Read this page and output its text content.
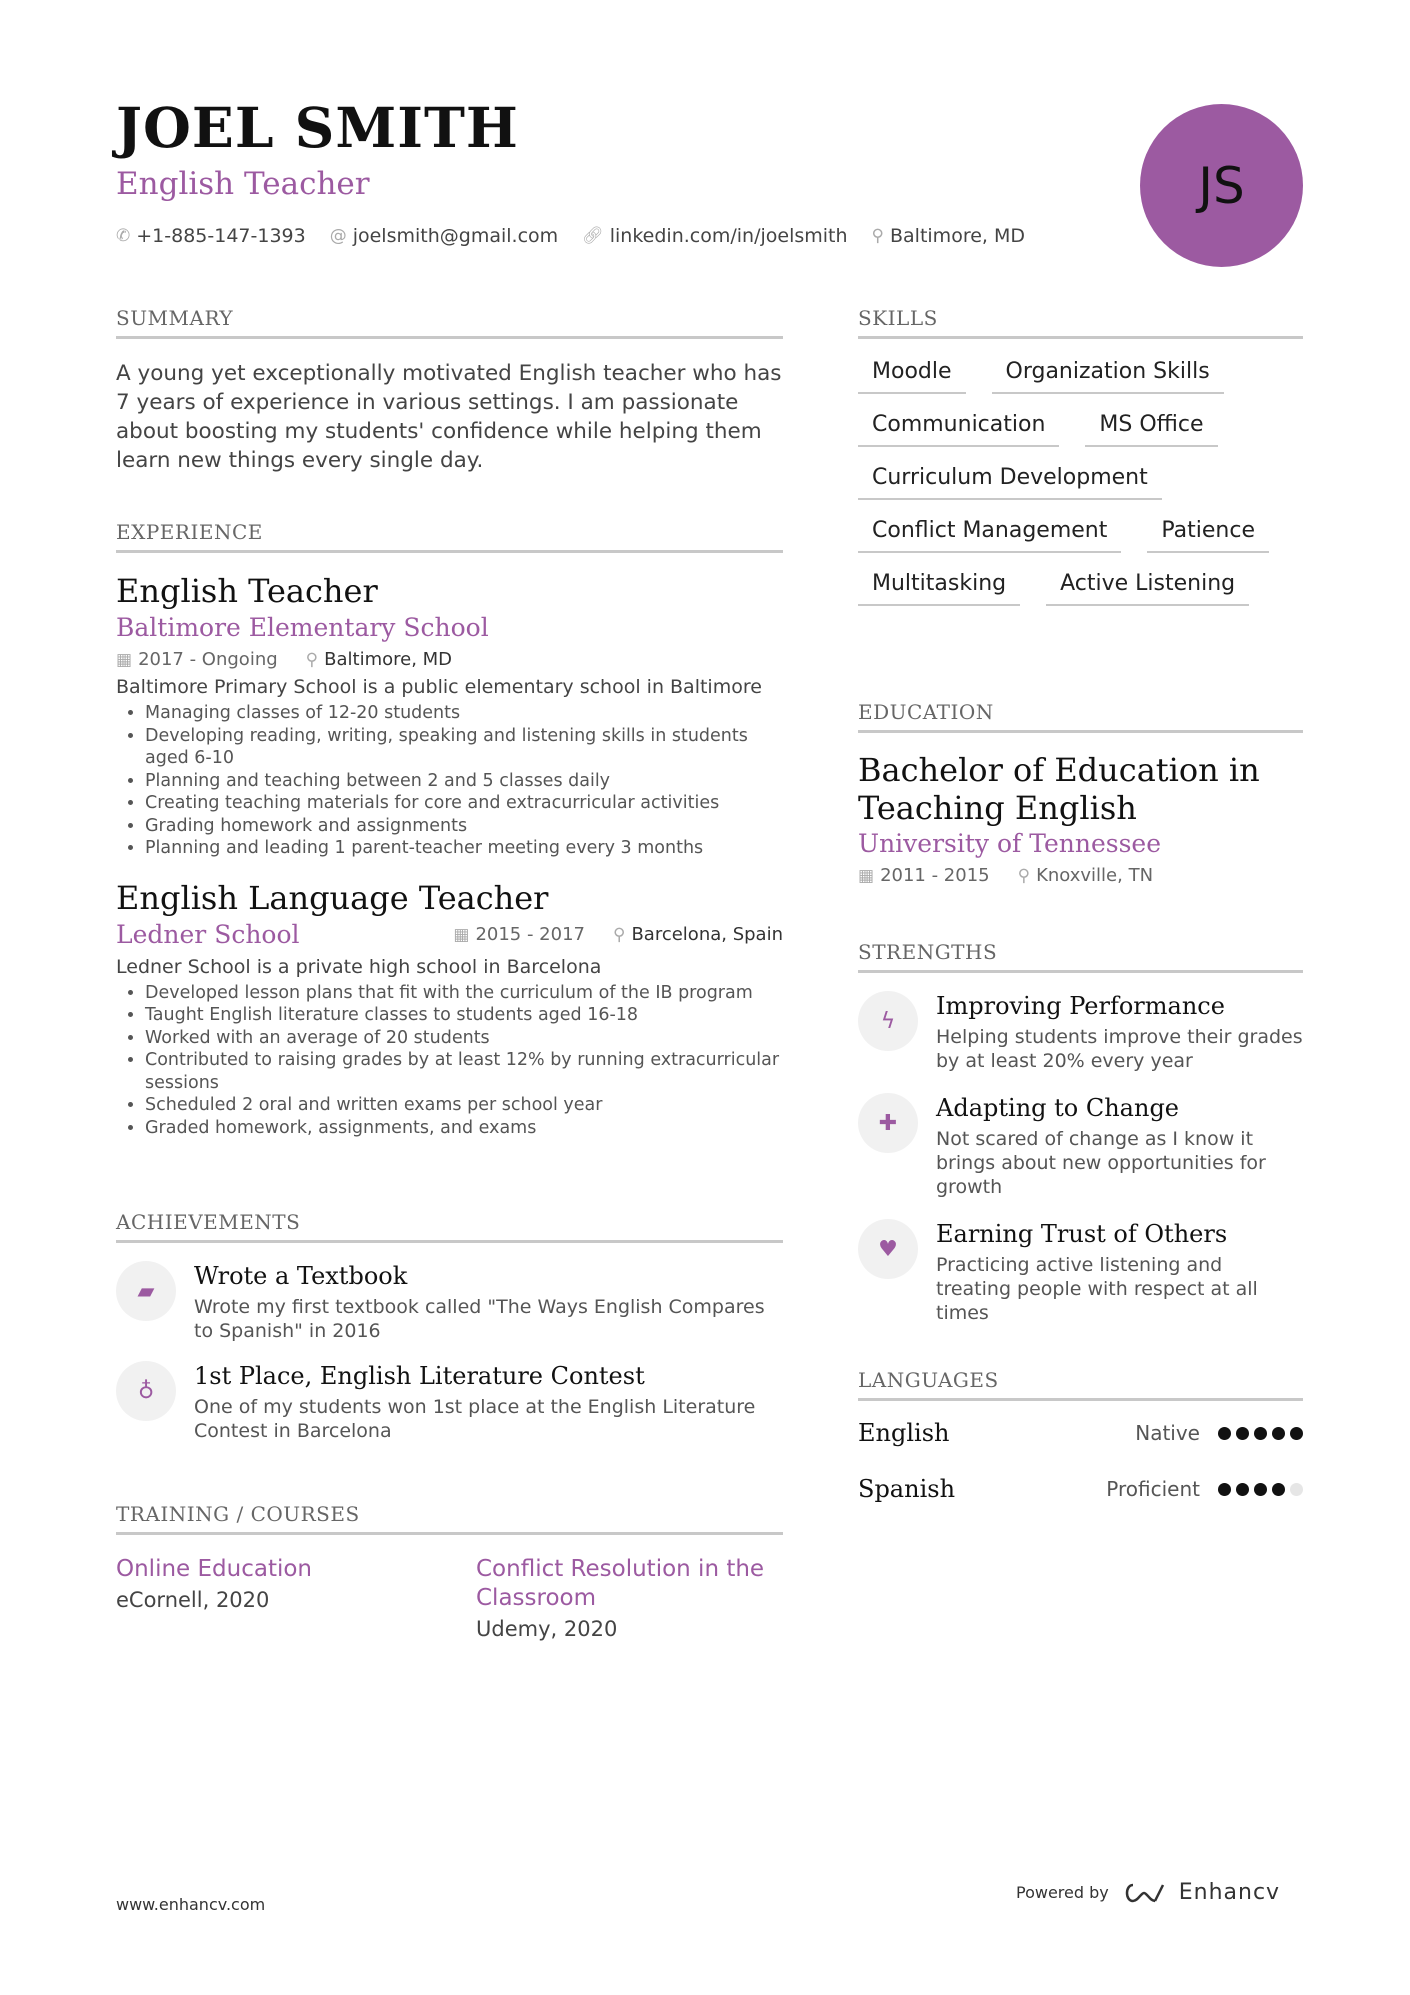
JOEL SMITH
English Teacher
✆ +1-885-147-1393 @ joelsmith@gmail.com 🔗︎ linkedin.com/in/joelsmith ⚲ Baltimore, MD
JS
SUMMARY

A young yet exceptionally motivated English teacher who has 7 years of experience in various settings. I am passionate about boosting my students' confidence while helping them learn new things every single day.

EXPERIENCE
English Teacher
Baltimore Elementary School
▦ 2017 - Ongoing ⚲ Baltimore, MD
Baltimore Primary School is a public elementary school in Baltimore
• Managing classes of 12-20 students
• Developing reading, writing, speaking and listening skills in students aged 6-10
• Planning and teaching between 2 and 5 classes daily
• Creating teaching materials for core and extracurricular activities
• Grading homework and assignments
• Planning and leading 1 parent-teacher meeting every 3 months
English Language Teacher
Ledner School	▦ 2015 - 2017 ⚲ Barcelona, Spain
Ledner School is a private high school in Barcelona
• Developed lesson plans that fit with the curriculum of the IB program
• Taught English literature classes to students aged 16-18
• Worked with an average of 20 students
• Contributed to raising grades by at least 12% by running extracurricular sessions
• Scheduled 2 oral and written exams per school year
• Graded homework, assignments, and exams
ACHIEVEMENTS
▰
Wrote a Textbook
Wrote my first textbook called "The Ways English Compares to Spanish" in 2016
♁
1st Place, English Literature Contest
One of my students won 1st place at the English Literature Contest in Barcelona
TRAINING / COURSES
Online Education
eCornell, 2020
Conflict Resolution in the Classroom
Udemy, 2020
SKILLS
Moodle	Organization Skills
Communication	MS Office
Curriculum Development
Conflict Management	Patience
Multitasking	Active Listening
EDUCATION
Bachelor of Education in Teaching English
University of Tennessee
▦ 2011 - 2015 ⚲ Knoxville, TN
STRENGTHS
ϟ
Improving Performance
Helping students improve their grades by at least 20% every year
✚
Adapting to Change
Not scared of change as I know it brings about new opportunities for growth
♥
Earning Trust of Others
Practicing active listening and treating people with respect at all times
LANGUAGES
English	Native
Spanish	Proficient
www.enhancv.com
Powered by	Enhancv
